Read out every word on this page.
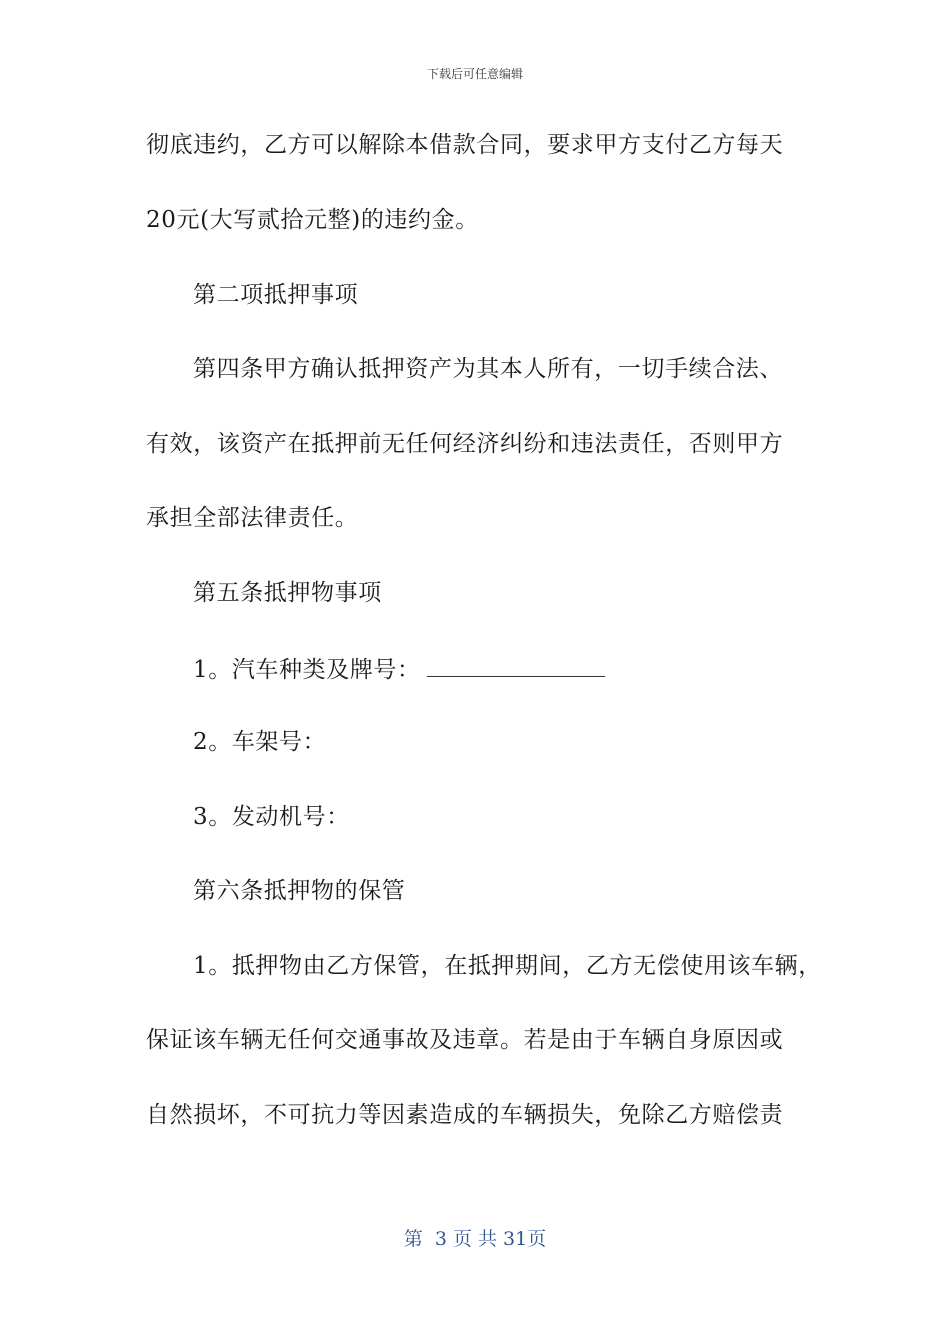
下载后可任意编辑
彻底违约，乙方可以解除本借款合同，要求甲方支付乙方每天
20元(大写贰拾元整)的违约金。
第二项抵押事项
第四条甲方确认抵押资产为其本人所有，一切手续合法、
有效，该资产在抵押前无任何经济纠纷和违法责任，否则甲方
承担全部法律责任。
第五条抵押物事项
1。汽车种类及牌号：
2。车架号：
3。发动机号：
第六条抵押物的保管
1。抵押物由乙方保管，在抵押期间，乙方无偿使用该车辆，
保证该车辆无任何交通事故及违章。若是由于车辆自身原因或
自然损坏，不可抗力等因素造成的车辆损失，免除乙方赔偿责
第  3 页 共 31页
